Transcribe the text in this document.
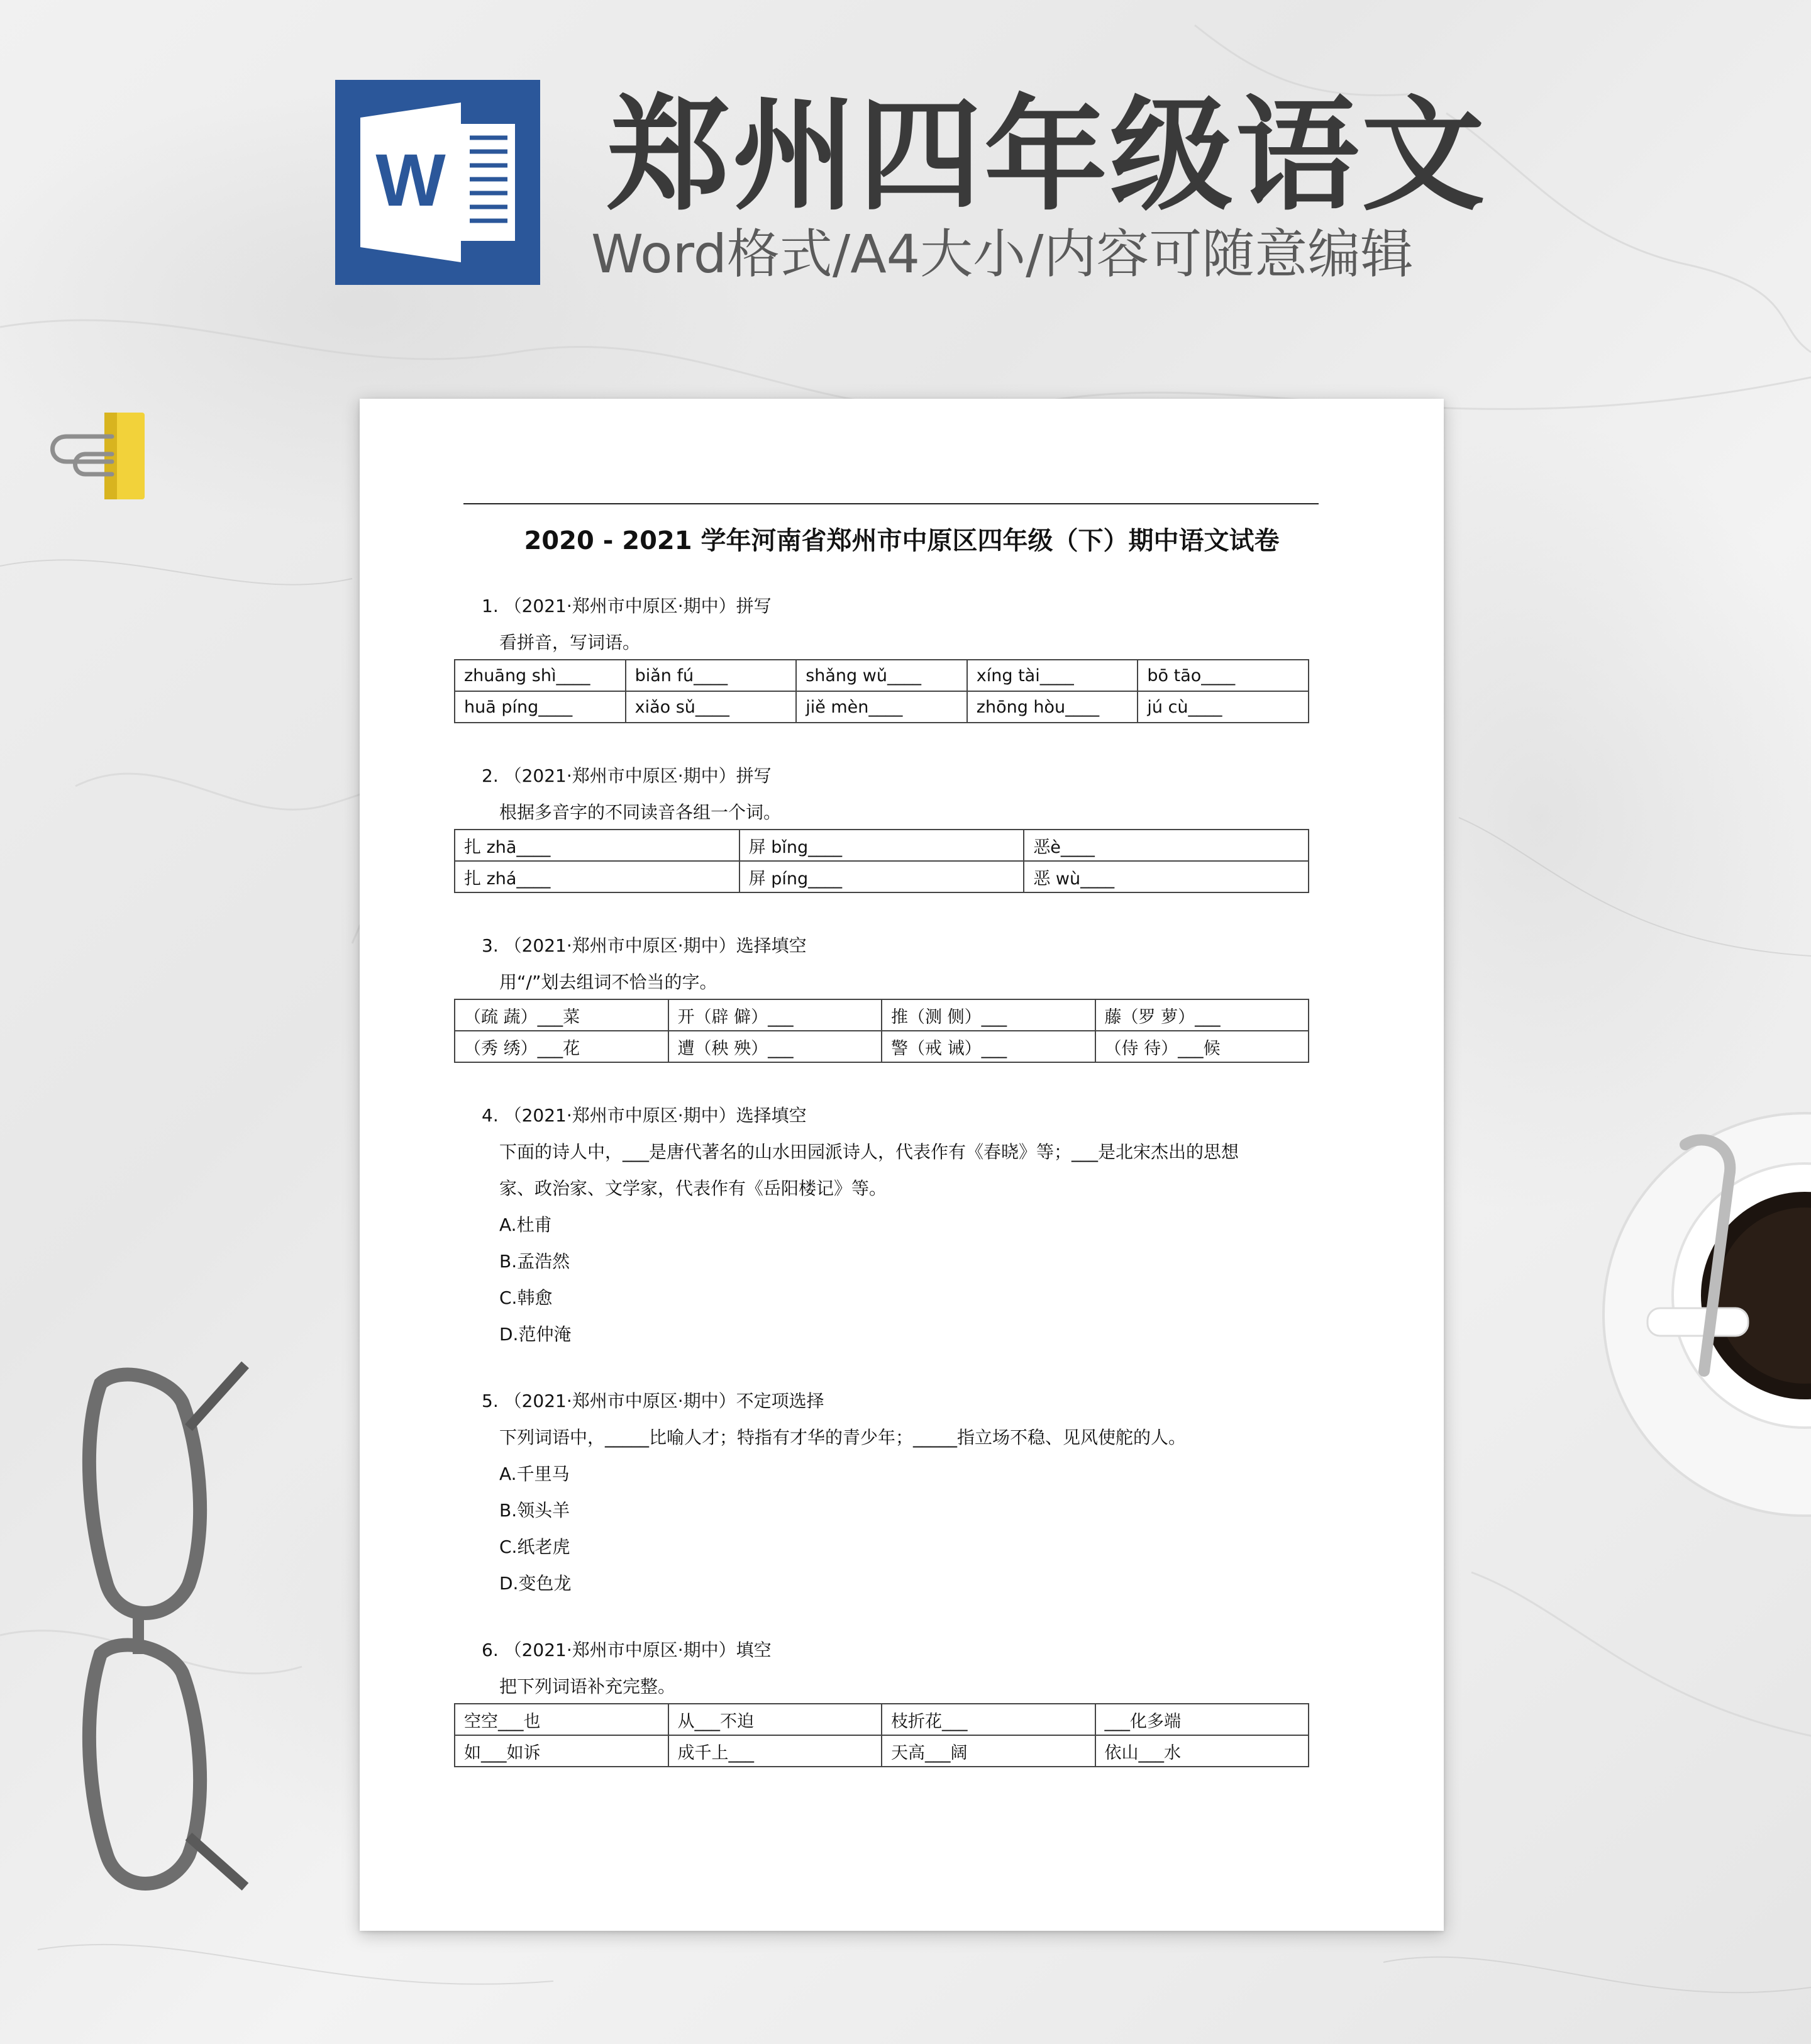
W 郑州四年级语文
Word格式/A4大小/内容可随意编辑
2020 - 2021 学年河南省郑州市中原区四年级（下）期中语文试卷
1. （2021·郑州市中原区·期中）拼写
看拼音，写词语。
zhuāng shì____	biǎn fú____	shǎng wǔ____	xíng tài____	bō tāo____
huā píng____	xiǎo sǔ____	jiě mèn____	zhōng hòu____	jú cù____
2. （2021·郑州市中原区·期中）拼写
根据多音字的不同读音各组一个词。
扎 zhā____	屏 bǐng____	恶è____
扎 zhá____	屏 píng____	恶 wù____
3. （2021·郑州市中原区·期中）选择填空
用“/”划去组词不恰当的字。
（疏 蔬）___菜	开（辟 僻）___	推（测 侧）___	藤（罗 萝）___
（秀 绣）___花	遭（秧 殃）___	警（戒 诫）___	（侍 待）___候
4. （2021·郑州市中原区·期中）选择填空
下面的诗人中，___是唐代著名的山水田园派诗人，代表作有《春晓》等；___是北宋杰出的思想
家、政治家、文学家，代表作有《岳阳楼记》等。
A.杜甫
B.孟浩然
C.韩愈
D.范仲淹
5. （2021·郑州市中原区·期中）不定项选择
下列词语中，_____比喻人才；特指有才华的青少年；_____指立场不稳、见风使舵的人。
A.千里马
B.领头羊
C.纸老虎
D.变色龙
6. （2021·郑州市中原区·期中）填空
把下列词语补充完整。
空空___也	从___不迫	枝折花___	___化多端
如___如诉	成千上___	天高___阔	依山___水
